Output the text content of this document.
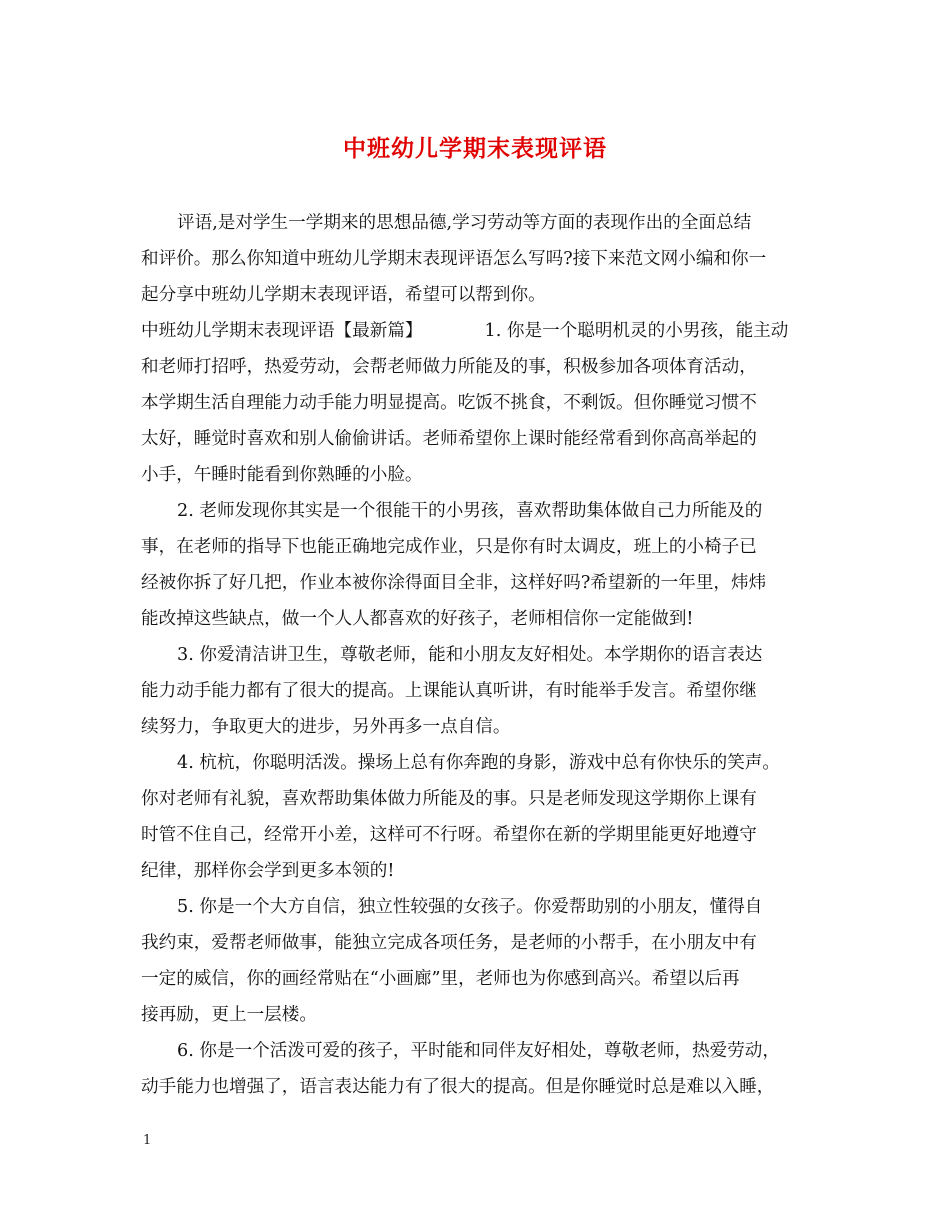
中班幼儿学期末表现评语
评语,是对学生一学期来的思想品德,学习劳动等方面的表现作出的全面总结
和评价。那么你知道中班幼儿学期末表现评语怎么写吗?接下来范文网小编和你一
起分享中班幼儿学期末表现评语，希望可以帮到你。
中班幼儿学期末表现评语【最新篇】	1. 你是一个聪明机灵的小男孩，能主动
和老师打招呼，热爱劳动，会帮老师做力所能及的事，积极参加各项体育活动，
本学期生活自理能力动手能力明显提高。吃饭不挑食，不剩饭。但你睡觉习惯不
太好，睡觉时喜欢和别人偷偷讲话。老师希望你上课时能经常看到你高高举起的
小手，午睡时能看到你熟睡的小脸。
2. 老师发现你其实是一个很能干的小男孩，喜欢帮助集体做自己力所能及的
事，在老师的指导下也能正确地完成作业，只是你有时太调皮，班上的小椅子已
经被你拆了好几把，作业本被你涂得面目全非，这样好吗?希望新的一年里，炜炜
能改掉这些缺点，做一个人人都喜欢的好孩子，老师相信你一定能做到!
3. 你爱清洁讲卫生，尊敬老师，能和小朋友友好相处。本学期你的语言表达
能力动手能力都有了很大的提高。上课能认真听讲，有时能举手发言。希望你继
续努力，争取更大的进步，另外再多一点自信。
4. 杭杭，你聪明活泼。操场上总有你奔跑的身影，游戏中总有你快乐的笑声。
你对老师有礼貌，喜欢帮助集体做力所能及的事。只是老师发现这学期你上课有
时管不住自己，经常开小差，这样可不行呀。希望你在新的学期里能更好地遵守
纪律，那样你会学到更多本领的!
5. 你是一个大方自信，独立性较强的女孩子。你爱帮助别的小朋友，懂得自
我约束，爱帮老师做事，能独立完成各项任务，是老师的小帮手，在小朋友中有
一定的威信，你的画经常贴在“小画廊”里，老师也为你感到高兴。希望以后再
接再励，更上一层楼。
6. 你是一个活泼可爱的孩子，平时能和同伴友好相处，尊敬老师，热爱劳动，
动手能力也增强了，语言表达能力有了很大的提高。但是你睡觉时总是难以入睡，
1
